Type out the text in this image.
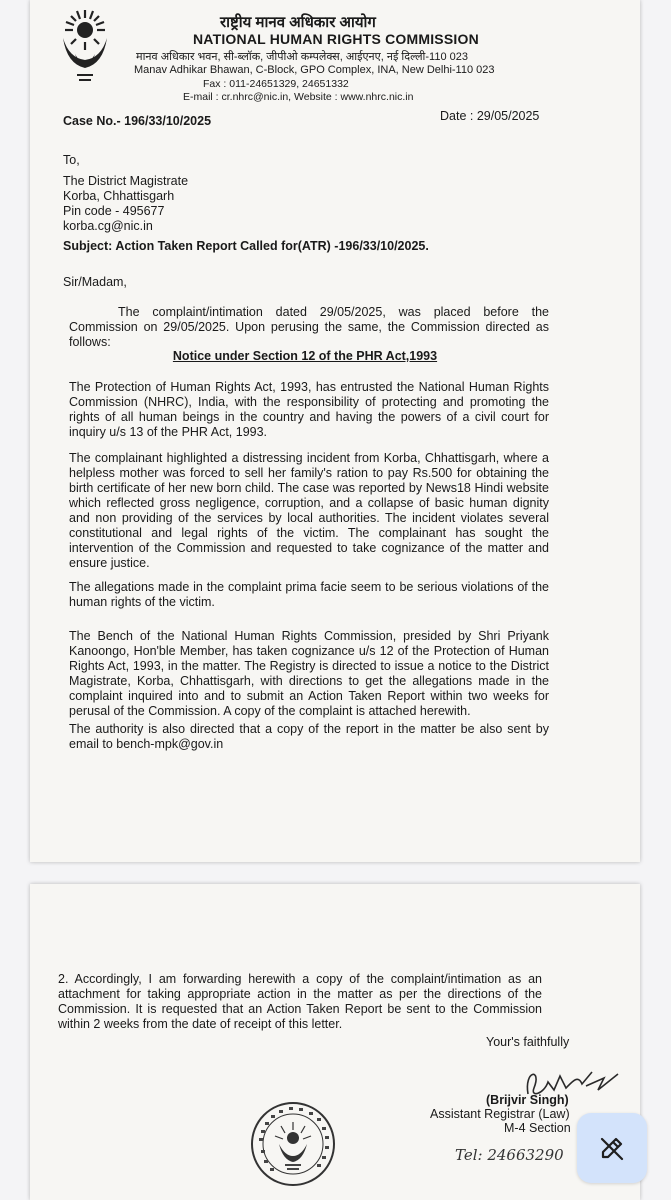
राष्ट्रीय मानव अधिकार आयोग
NATIONAL HUMAN RIGHTS COMMISSION
मानव अधिकार भवन, सी-ब्लॉक, जीपीओ कम्पलेक्स, आईएनए, नई दिल्ली-110 023
Manav Adhikar Bhawan, C-Block, GPO Complex, INA, New Delhi-110 023
Fax : 011-24651329, 24651332
E-mail : cr.nhrc@nic.in, Website : www.nhrc.nic.in
Case No.- 196/33/10/2025	Date : 29/05/2025
To,
The District Magistrate
Korba, Chhattisgarh
Pin code - 495677
korba.cg@nic.in
Subject: Action Taken Report Called for(ATR) -196/33/10/2025.
Sir/Madam,
The complaint/intimation dated 29/05/2025, was placed before the Commission on 29/05/2025. Upon perusing the same, the Commission directed as follows:
Notice under Section 12 of the PHR Act,1993
The Protection of Human Rights Act, 1993, has entrusted the National Human Rights Commission (NHRC), India, with the responsibility of protecting and promoting the rights of all human beings in the country and having the powers of a civil court for inquiry u/s 13 of the PHR Act, 1993.
The complainant highlighted a distressing incident from Korba, Chhattisgarh, where a helpless mother was forced to sell her family's ration to pay Rs.500 for obtaining the birth certificate of her new born child. The case was reported by News18 Hindi website which reflected gross negligence, corruption, and a collapse of basic human dignity and non providing of the services by local authorities. The incident violates several constitutional and legal rights of the victim. The complainant has sought the intervention of the Commission and requested to take cognizance of the matter and ensure justice.
The allegations made in the complaint prima facie seem to be serious violations of the human rights of the victim.
The Bench of the National Human Rights Commission, presided by Shri Priyank Kanoongo, Hon'ble Member, has taken cognizance u/s 12 of the Protection of Human Rights Act, 1993, in the matter. The Registry is directed to issue a notice to the District Magistrate, Korba, Chhattisgarh, with directions to get the allegations made in the complaint inquired into and to submit an Action Taken Report within two weeks for perusal of the Commission. A copy of the complaint is attached herewith.
The authority is also directed that a copy of the report in the matter be also sent by email to bench-mpk@gov.in
2. Accordingly, I am forwarding herewith a copy of the complaint/intimation as an attachment for taking appropriate action in the matter as per the directions of the Commission. It is requested that an Action Taken Report be sent to the Commission within 2 weeks from the date of receipt of this letter.
Your's faithfully
(Brijvir Singh)
Assistant Registrar (Law)
M-4 Section
Tel: 24663290
